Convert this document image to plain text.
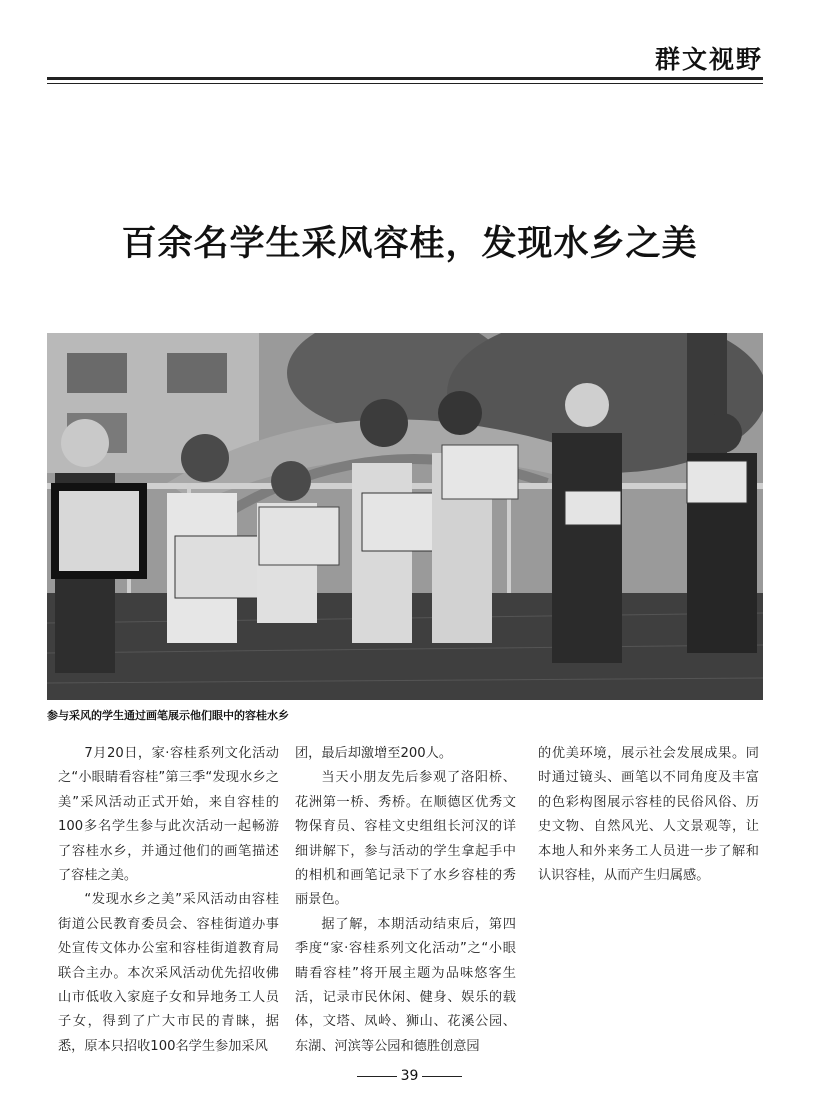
群文视野
百余名学生采风容桂，发现水乡之美
参与采风的学生通过画笔展示他们眼中的容桂水乡

7月20日，家·容桂系列文化活动之“小眼睛看容桂”第三季“发现水乡之美”采风活动正式开始，来自容桂的100多名学生参与此次活动一起畅游了容桂水乡，并通过他们的画笔描述了容桂之美。

“发现水乡之美”采风活动由容桂街道公民教育委员会、容桂街道办事处宣传文体办公室和容桂街道教育局联合主办。本次采风活动优先招收佛山市低收入家庭子女和异地务工人员子女，得到了广大市民的青睐，据悉，原本只招收100名学生参加采风

团，最后却激增至200人。

当天小朋友先后参观了洛阳桥、花洲第一桥、秀桥。在顺德区优秀文物保育员、容桂文史组组长河汉的详细讲解下，参与活动的学生拿起手中的相机和画笔记录下了水乡容桂的秀丽景色。

据了解，本期活动结束后，第四季度“家·容桂系列文化活动”之“小眼睛看容桂”将开展主题为品味悠客生活，记录市民休闲、健身、娱乐的载体，文塔、凤岭、狮山、花溪公园、东湖、河滨等公园和德胜创意园

的优美环境，展示社会发展成果。同时通过镜头、画笔以不同角度及丰富的色彩构图展示容桂的民俗风俗、历史文物、自然风光、人文景观等，让本地人和外来务工人员进一步了解和认识容桂，从而产生归属感。

39
